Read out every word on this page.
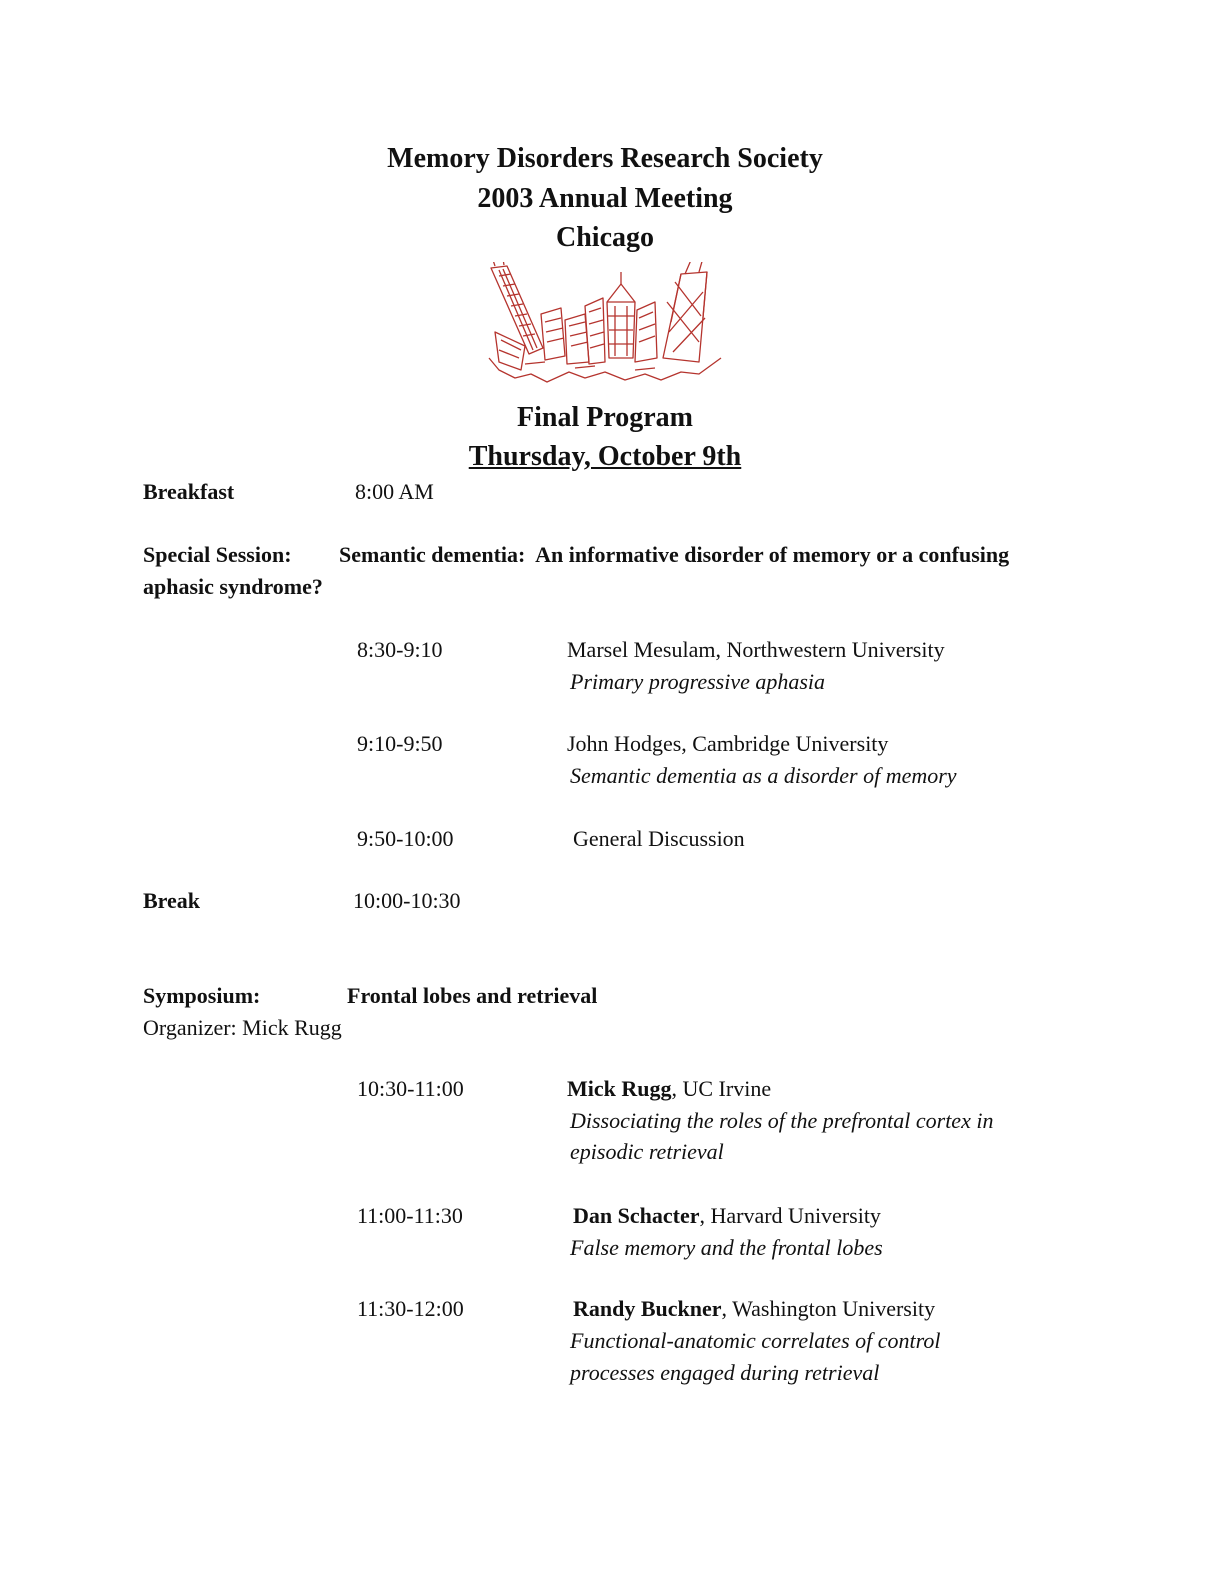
Memory Disorders Research Society
2003 Annual Meeting
Chicago
Final Program
Thursday, October 9th
Breakfast	8:00 AM
Special Session: Semantic dementia:  An informative disorder of memory or a confusing
aphasic syndrome?
8:30-9:10	Marsel Mesulam, Northwestern University
Primary progressive aphasia
9:10-9:50	John Hodges, Cambridge University
Semantic dementia as a disorder of memory
9:50-10:00	General Discussion
Break	10:00-10:30
Symposium:	Frontal lobes and retrieval
Organizer: Mick Rugg
10:30-11:00	Mick Rugg, UC Irvine
Dissociating the roles of the prefrontal cortex in
episodic retrieval
11:00-11:30	Dan Schacter, Harvard University
False memory and the frontal lobes
11:30-12:00	Randy Buckner, Washington University
Functional-anatomic correlates of control
processes engaged during retrieval
